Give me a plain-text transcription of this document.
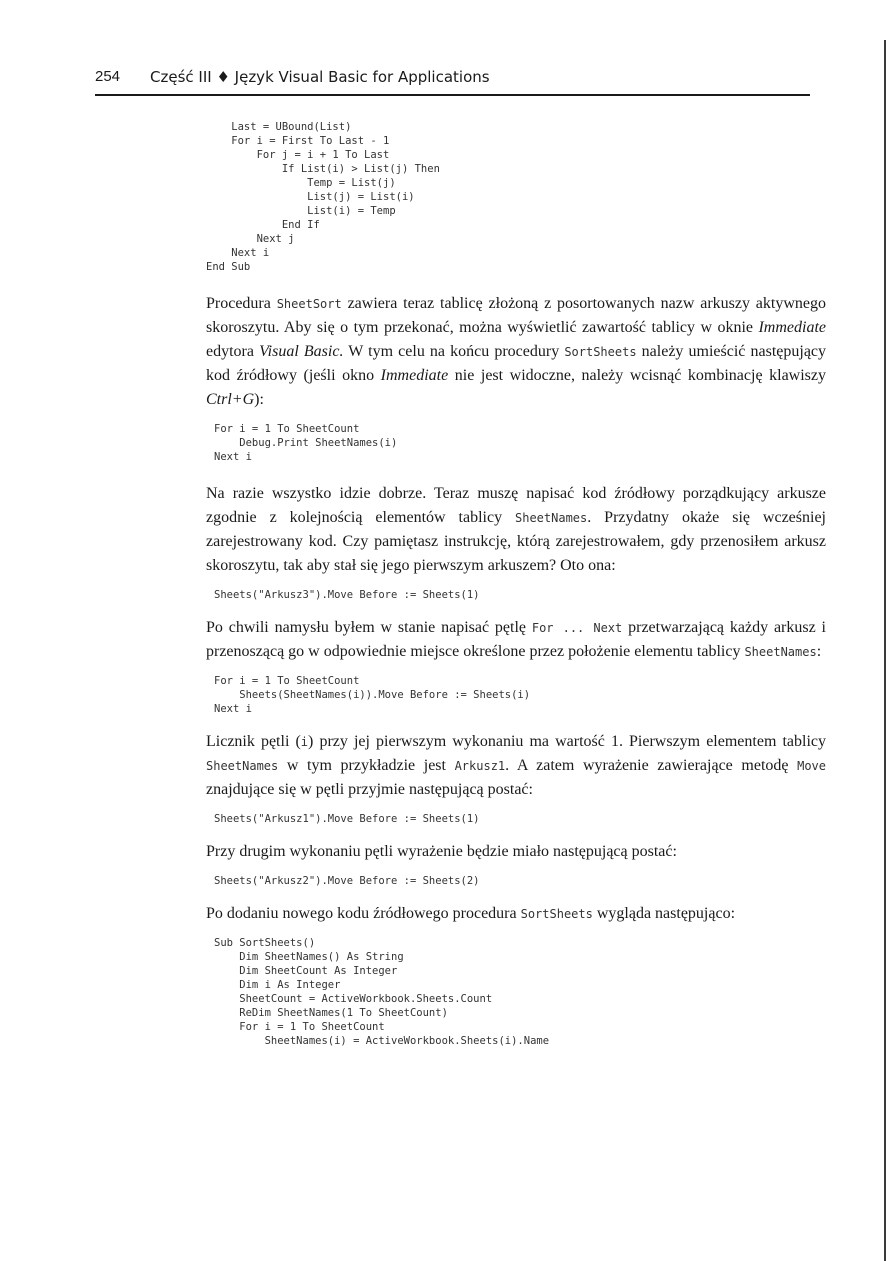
254 Część III ♦ Język Visual Basic for Applications
Last = UBound(List)
For i = First To Last - 1
For j = i + 1 To Last
If List(i) > List(j) Then
Temp = List(j)
List(j) = List(i)
List(i) = Temp
End If
Next j
Next i
End Sub

Procedura SheetSort zawiera teraz tablicę złożoną z posortowanych nazw arkuszy aktywnego skoroszytu. Aby się o tym przekonać, można wyświetlić zawartość tablicy w oknie Immediate edytora Visual Basic. W tym celu na końcu procedury SortSheets należy umieścić następujący kod źródłowy (jeśli okno Immediate nie jest widoczne, należy wcisnąć kombinację klawiszy Ctrl+G):

For i = 1 To SheetCount
Debug.Print SheetNames(i)
Next i

Na razie wszystko idzie dobrze. Teraz muszę napisać kod źródłowy porządkujący arkusze zgodnie z kolejnością elementów tablicy SheetNames. Przydatny okaże się wcześniej zarejestrowany kod. Czy pamiętasz instrukcję, którą zarejestrowałem, gdy przenosiłem arkusz skoroszytu, tak aby stał się jego pierwszym arkuszem? Oto ona:

Sheets("Arkusz3").Move Before := Sheets(1)

Po chwili namysłu byłem w stanie napisać pętlę For ... Next przetwarzającą każdy arkusz i przenoszącą go w odpowiednie miejsce określone przez położenie elementu tablicy SheetNames:

For i = 1 To SheetCount
Sheets(SheetNames(i)).Move Before := Sheets(i)
Next i

Licznik pętli (i) przy jej pierwszym wykonaniu ma wartość 1. Pierwszym elementem tablicy SheetNames w tym przykładzie jest Arkusz1. A zatem wyrażenie zawierające metodę Move znajdujące się w pętli przyjmie następującą postać:

Sheets("Arkusz1").Move Before := Sheets(1)

Przy drugim wykonaniu pętli wyrażenie będzie miało następującą postać:

Sheets("Arkusz2").Move Before := Sheets(2)

Po dodaniu nowego kodu źródłowego procedura SortSheets wygląda następująco:

Sub SortSheets()
Dim SheetNames() As String
Dim SheetCount As Integer
Dim i As Integer
SheetCount = ActiveWorkbook.Sheets.Count
ReDim SheetNames(1 To SheetCount)
For i = 1 To SheetCount
SheetNames(i) = ActiveWorkbook.Sheets(i).Name
